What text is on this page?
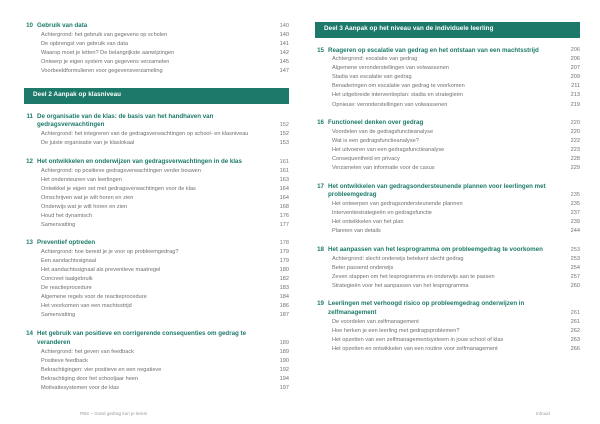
10 Gebruik van data	140
Achtergrond: het gebruik van gegevens op scholen	140
De opbrengst van gebruik van data	141
Waarop moet je letten? De belangrijkste aanwijzingen	142
Ontwerp je eigen system van gegevens verzamelen	145
Voorbeeldformulieren voor gegevensverzameling	147
Deel 2 Aanpak op klasniveau
11 De organisatie van de klas: de basis van het handhaven van gedragsverwachtingen	152
Achtergrond: het integreren van de gedragsverwachtingen op school- en klasniveau	152
De juiste organisatie van je klaslokaal	153
12 Het ontwikkelen en onderwijzen van gedragsverwachtingen in de klas	161
Achtergrond: op positieve gedragsverwachtingen verder bouwen	161
Het ondersteunen van leerlingen	163
Ontwikkel je eigen set met gedragsverwachtingen voor de klas	164
Omschrijven wat je wilt horen en zien	164
Onderwijs wat je wilt horen en zien	168
Houd het dynamisch	176
Samenvatting	177
13 Preventief optreden	178
Achtergrond: hoe bereid je je voor op probleemgedrag?	179
Een aandachtssignaal	179
Het aandachtssignaal als preventieve maatregel	180
Concreet taalgebruik	182
De reactieprocedure	183
Algemene regels voor de reactieprocedure	184
Het voorkomen van een machtsstrijd	186
Samenvatting	187
14 Het gebruik van positieve en corrigerende consequenties om gedrag te veranderen	189
Achtergrond: het geven van feedback	189
Positieve feedback	190
Bekrachtigingen: vier positieve en een negatieve	192
Bekrachtiging door het schooljaar heen	194
Motivatiesystemen voor de klas	197
Deel 3 Aanpak op het niveau van de individuele leerling
15 Reageren op escalatie van gedrag en het ontstaan van een machtsstrijd	206
Achtergrond: escalatie van gedrag	206
Algemene veronderstellingen van volwassenen	207
Stadia van escalatie van gedrag	209
Benaderingen om escalatie van gedrag te voorkomen	211
Het uitgebreide interventieplan: stadia en strategieën	213
Opnieuw: veronderstellingen van volwassenen	219
16 Functioneel denken over gedrag	220
Voordelen van de gedragsfunctieanalyse	220
Wat is een gedragsfunctieanalyse?	222
Het uitvoeren van een gedragsfunctieanalyse	223
Consequentheid en privacy	228
Verzamelen van informatie voor de casus	229
17 Het ontwikkelen van gedragsondersteunende plannen voor leerlingen met probleemgedrag	235
Het ontwerpen van gedragsondersteunende plannen	235
Interventiestrategieën en gedragsfunctie	237
Het ontwikkelen van het plan	239
Plannen van details	244
18 Het aanpassen van het lesprogramma om probleemgedrag te voorkomen	253
Achtergrond: slecht onderwijs betekent slecht gedrag	253
Beter passend onderwijs	254
Zeven stappen om het lesprogramma en onderwijs aan te passen	257
Strategieën voor het aanpassen van het lesprogramma	260
19 Leerlingen met verhoogd risico op probleemgedrag onderwijzen in zelfmanagement	261
De voordelen van zelfmanagement	261
Hoe herken je een leerling met gedragsproblemen?	262
Het opzetten van een zelfmanagementsysteem in jouw school of klas	263
Het opzetten en ontwikkelen van een routine voor zelfmanagement	266
PBS – Goed gedrag kun je leren!	Inhoud
